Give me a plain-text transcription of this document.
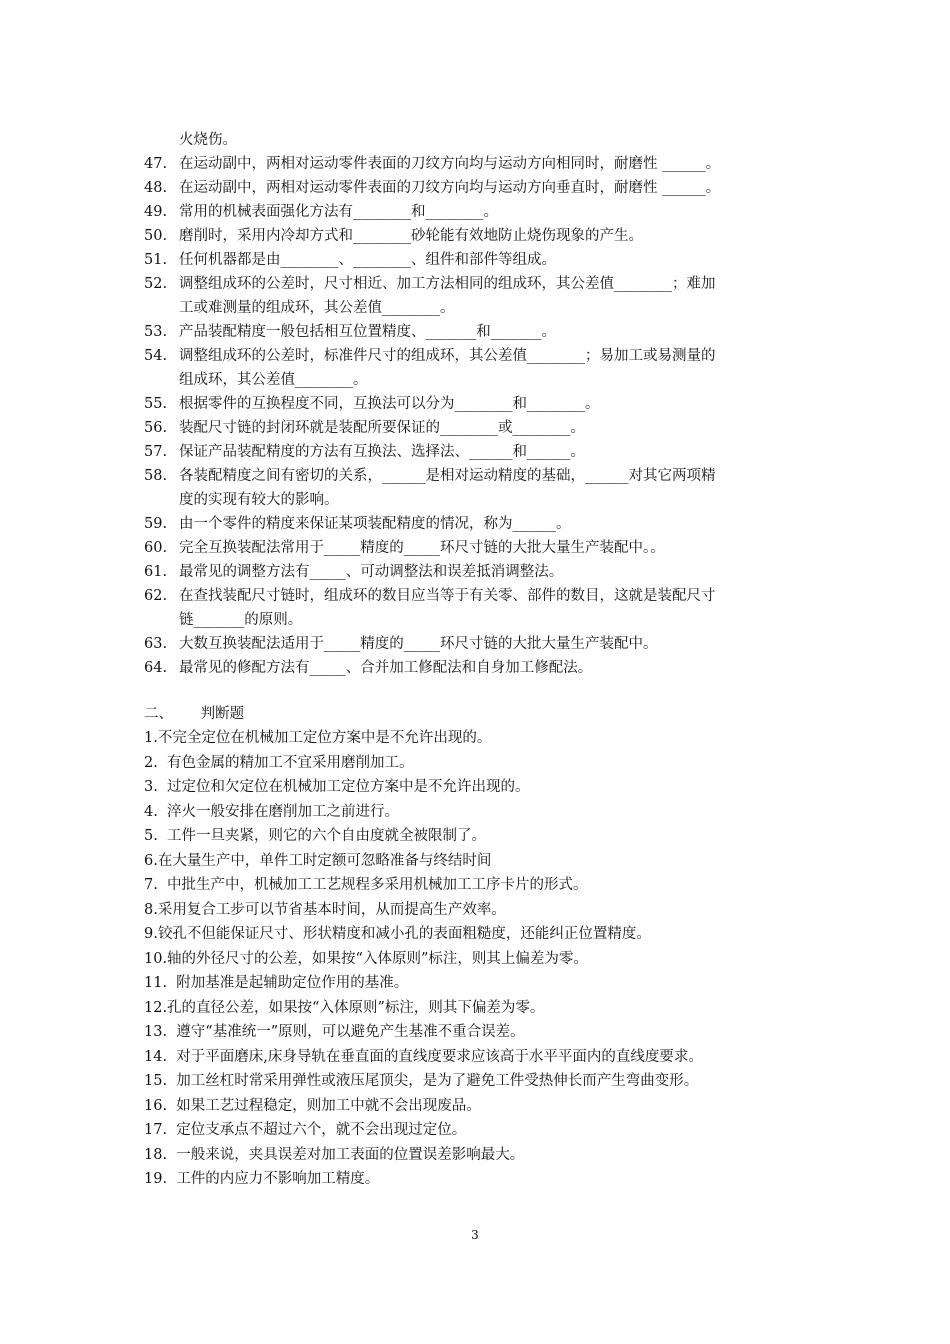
火烧伤。
47. 在运动副中，两相对运动零件表面的刀纹方向均与运动方向相同时，耐磨性 ______。
48. 在运动副中，两相对运动零件表面的刀纹方向均与运动方向垂直时，耐磨性 ______。
49. 常用的机械表面强化方法有________和________。
50. 磨削时，采用内冷却方式和________砂轮能有效地防止烧伤现象的产生。
51. 任何机器都是由________、________、组件和部件等组成。
52. 调整组成环的公差时，尺寸相近、加工方法相同的组成环，其公差值________；难加
工或难测量的组成环，其公差值________。
53. 产品装配精度一般包括相互位置精度、_______和_______。
54. 调整组成环的公差时，标准件尺寸的组成环，其公差值________；易加工或易测量的
组成环，其公差值________。
55. 根据零件的互换程度不同，互换法可以分为________和________。
56. 装配尺寸链的封闭环就是装配所要保证的________或________。
57. 保证产品装配精度的方法有互换法、选择法、______和______。
58. 各装配精度之间有密切的关系，______是相对运动精度的基础，______对其它两项精
度的实现有较大的影响。
59. 由一个零件的精度来保证某项装配精度的情况，称为______。
60. 完全互换装配法常用于_____精度的_____环尺寸链的大批大量生产装配中。。
61. 最常见的调整方法有_____、可动调整法和误差抵消调整法。
62. 在查找装配尺寸链时，组成环的数目应当等于有关零、部件的数目，这就是装配尺寸
链_______的原则。
63. 大数互换装配法适用于_____精度的_____环尺寸链的大批大量生产装配中。
64. 最常见的修配方法有_____、合并加工修配法和自身加工修配法。
二、      判断题
1.不完全定位在机械加工定位方案中是不允许出现的。
2.  有色金属的精加工不宜采用磨削加工。
3.  过定位和欠定位在机械加工定位方案中是不允许出现的。
4.  淬火一般安排在磨削加工之前进行。
5.  工件一旦夹紧，则它的六个自由度就全被限制了。
6.在大量生产中，单件工时定额可忽略准备与终结时间
7.  中批生产中，机械加工工艺规程多采用机械加工工序卡片的形式。
8.采用复合工步可以节省基本时间，从而提高生产效率。
9.铰孔不但能保证尺寸、形状精度和减小孔的表面粗糙度，还能纠正位置精度。
10.轴的外径尺寸的公差，如果按“入体原则”标注，则其上偏差为零。
11.  附加基准是起辅助定位作用的基准。
12.孔的直径公差，如果按“入体原则”标注，则其下偏差为零。
13.  遵守“基准统一”原则，可以避免产生基准不重合误差。
14.  对于平面磨床,床身导轨在垂直面的直线度要求应该高于水平平面内的直线度要求。
15.  加工丝杠时常采用弹性或液压尾顶尖，是为了避免工件受热伸长而产生弯曲变形。
16.  如果工艺过程稳定，则加工中就不会出现废品。
17.  定位支承点不超过六个，就不会出现过定位。
18.  一般来说，夹具误差对加工表面的位置误差影响最大。
19.  工件的内应力不影响加工精度。
3
